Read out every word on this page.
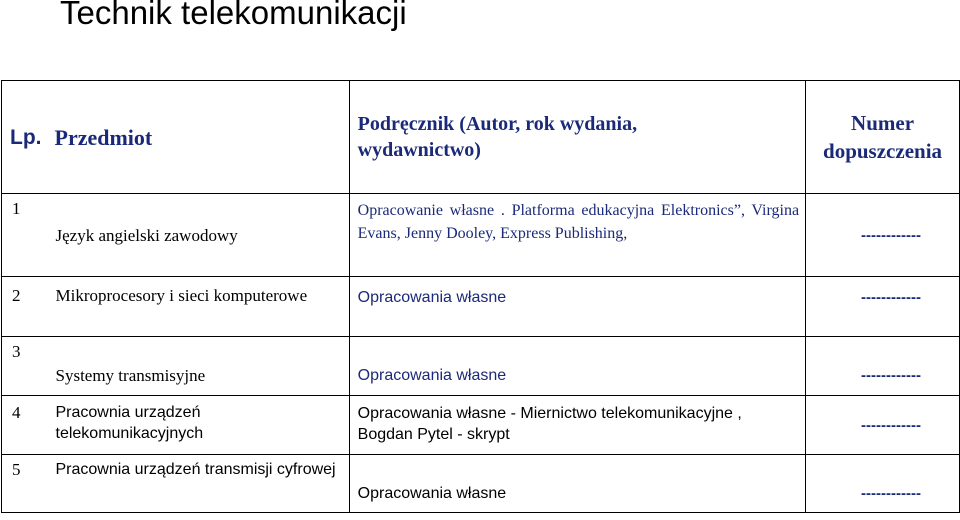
Technik telekomunikacji
Lp.	Przedmiot	Podręcznik (Autor, rok wydania, wydawnictwo)	Numer dopuszczenia
1	Język angielski zawodowy	Opracowanie własne . Platforma edukacyjna Elektronics”, Virgina Evans, Jenny Dooley, Express Publishing,	------------
2	Mikroprocesory i sieci komputerowe	Opracowania własne	------------
3	Systemy transmisyjne	Opracowania własne	------------
4	Pracownia urządzeń telekomunikacyjnych	Opracowania własne - Miernictwo telekomunikacyjne , Bogdan Pytel - skrypt	------------
5	Pracownia urządzeń transmisji cyfrowej	Opracowania własne	------------
